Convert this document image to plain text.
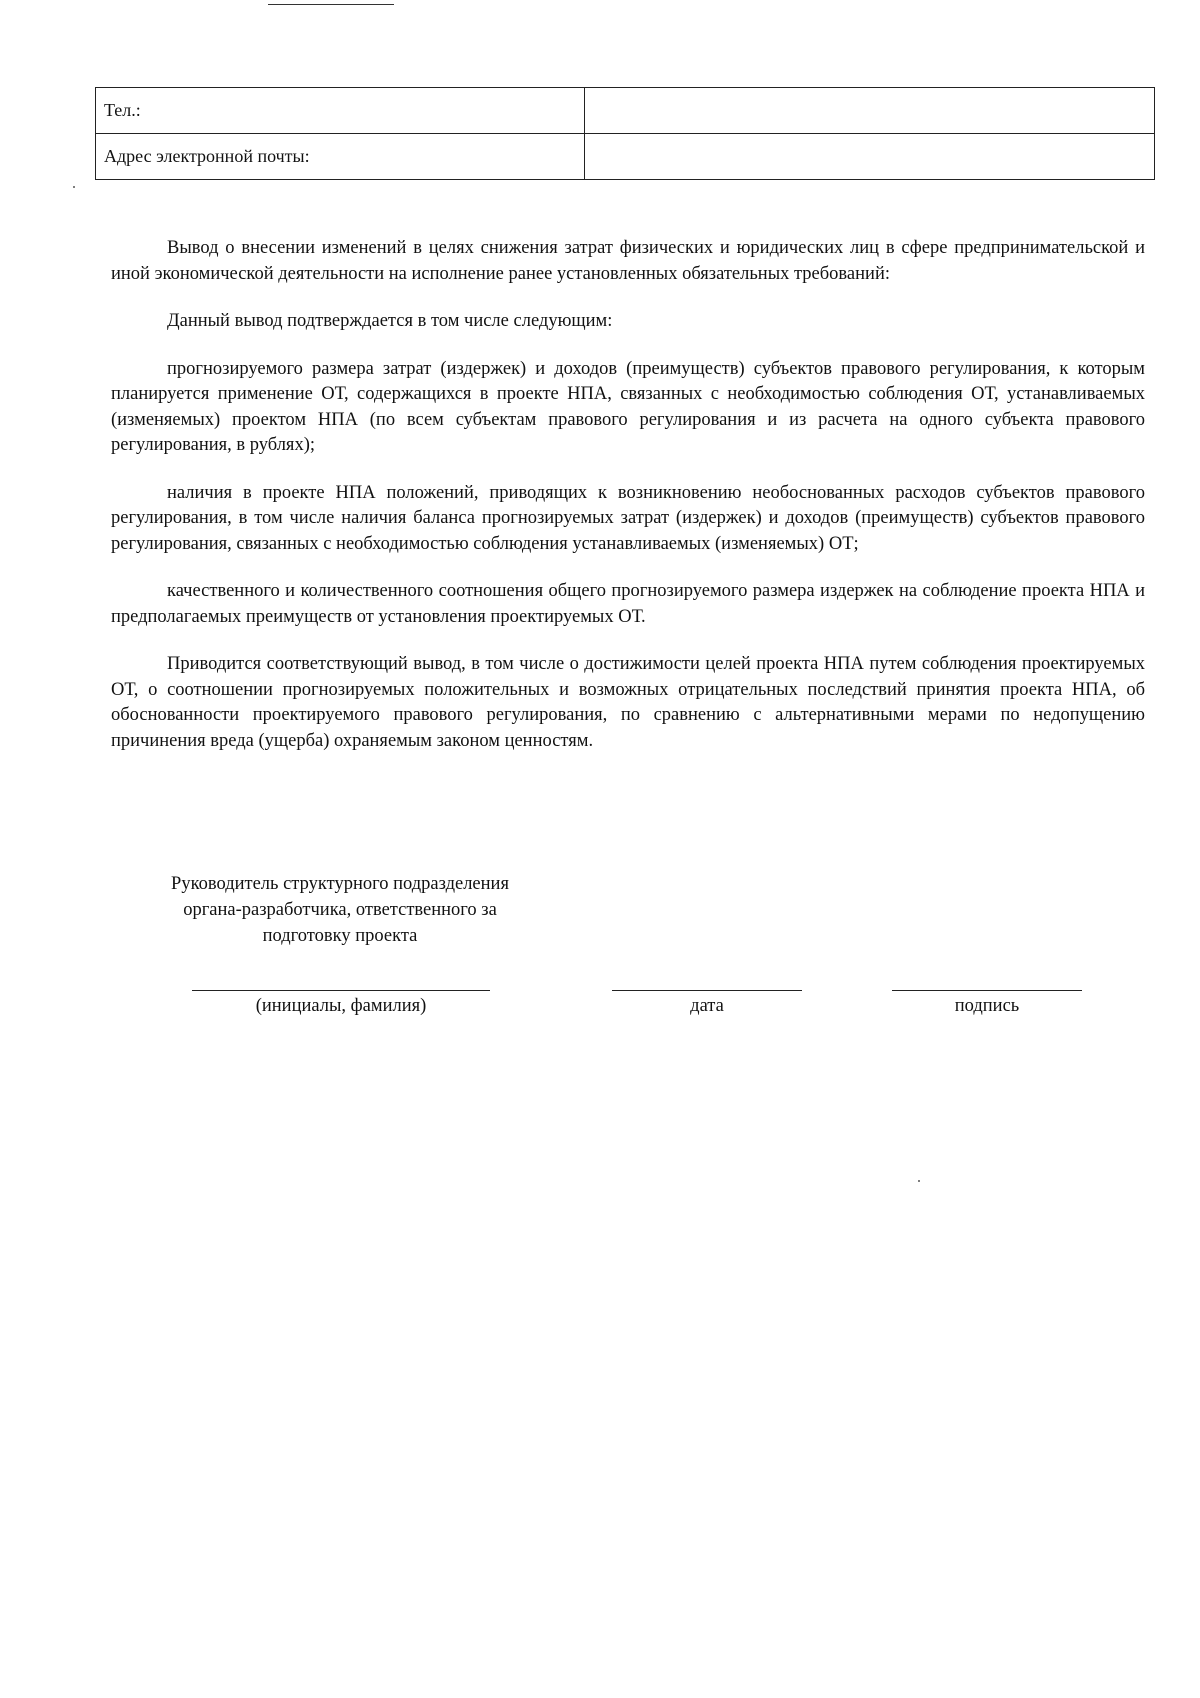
Тел.:	
Адрес электронной почты:	

Вывод о внесении изменений в целях снижения затрат физических и юридических лиц в сфере предпринимательской и иной экономической деятельности на исполнение ранее установленных обязательных требований:

Данный вывод подтверждается в том числе следующим:

прогнозируемого размера затрат (издержек) и доходов (преимуществ) субъектов правового регулирования, к которым планируется применение ОТ, содержащихся в проекте НПА, связанных с необходимостью соблюдения ОТ, устанавливаемых (изменяемых) проектом НПА (по всем субъектам правового регулирования и из расчета на одного субъекта правового регулирования, в рублях);

наличия в проекте НПА положений, приводящих к возникновению необоснованных расходов субъектов правового регулирования, в том числе наличия баланса прогнозируемых затрат (издержек) и доходов (преимуществ) субъектов правового регулирования, связанных с необходимостью соблюдения устанавливаемых (изменяемых) ОТ;

качественного и количественного соотношения общего прогнозируемого размера издержек на соблюдение проекта НПА и предполагаемых преимуществ от установления проектируемых ОТ.

Приводится соответствующий вывод, в том числе о достижимости целей проекта НПА путем соблюдения проектируемых ОТ, о соотношении прогнозируемых положительных и возможных отрицательных последствий принятия проекта НПА, об обоснованности проектируемого правового регулирования, по сравнению с альтернативными мерами по недопущению причинения вреда (ущерба) охраняемым законом ценностям.

Руководитель структурного подразделения
органа-разработчика, ответственного за
подготовку проекта
(инициалы, фамилия)	дата	подпись
